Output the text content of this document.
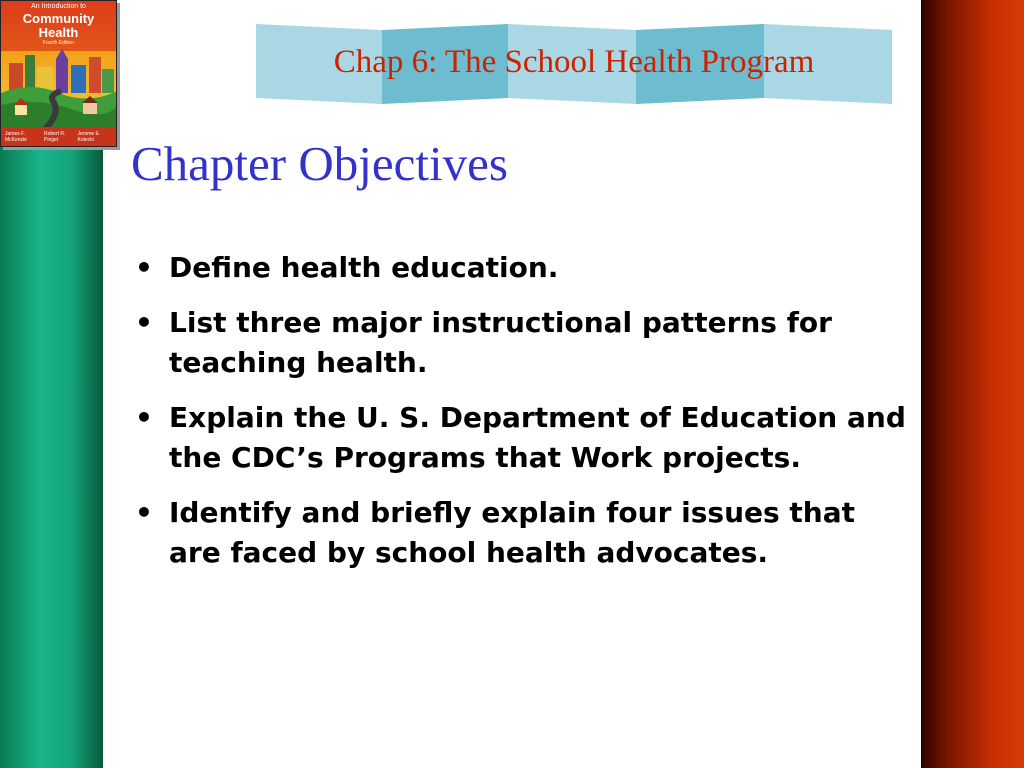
An Introduction to
Community
Health
Fourth Edition
James F. McKenzie
Robert R. Pinger
Jerome E. Kotecki
Chap 6: The School Health Program
Chapter Objectives
• Define health education.
• List three major instructional patterns for teaching health.
• Explain the U. S. Department of Education and the CDC’s Programs that Work projects.
• Identify and briefly explain four issues that are faced by school health advocates.
